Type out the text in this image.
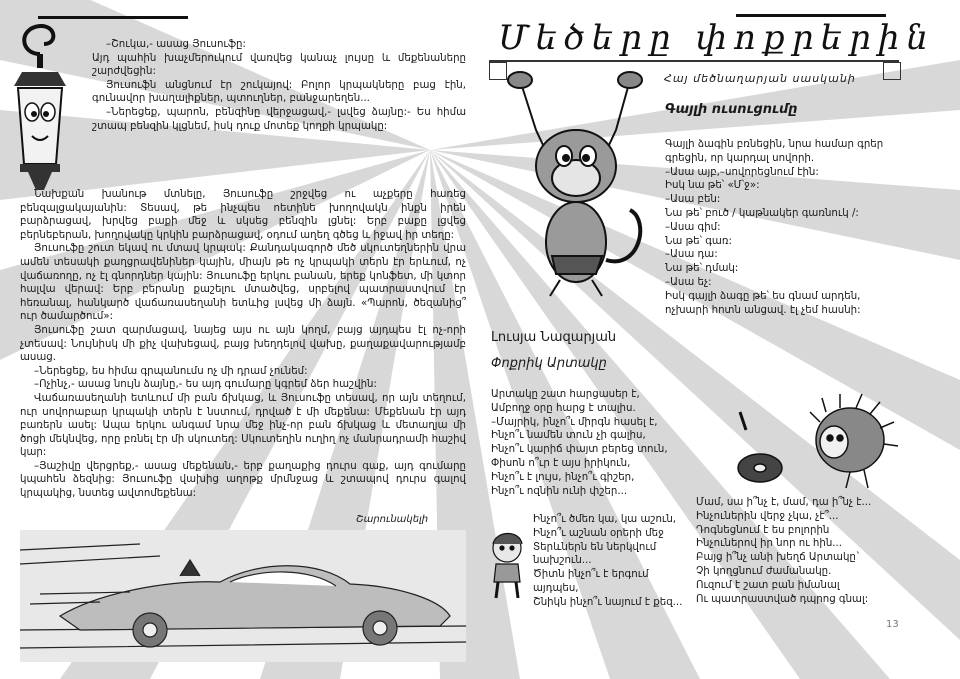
–Շուկա,- ասաց Յուսուֆը:

Այդ պահին խաչմերուկում վառվեց կանաչ լույսը և մեքենաները շարժվեցին:

Յուսուֆն անցնում էր շուկայով: Բոլոր կրպակները բաց էին, գունավոր խաղալիքներ, պտուղներ, բանջարեղեն...

–Ներեցեք, պարոն, բենզինը վերջացավ,- լսվեց ձայնը:- Ես հիմա շտապ բենզին կլցնեմ, իսկ դուք մոտեք կողքի կրպակը:

Նախքան խանութ մտնելը, Յուսուֆը շրջվեց ու աչքերը հառեց բենզալցակայանին: Տեսավ, թե ինչպես ոետինե խողովակն ինքն իրեն բարձրացավ, խրվեց բաքի մեջ և սկսեց բենզին լցնել: Երբ բաքը լցվեց բերնեբերան, խողովակը կրկին բարձրացավ, օդում աղեղ գծեց և իջավ իր տեղը:

Յուսուֆը շուտ եկավ ու մտավ կրպակ: Քանդակագործ մեծ սկուտեղներին վրա ամեն տեսակի քաղցրավենիներ կային, միայն թե ոչ կրպակի տերն էր երևում, ոչ վաճառողը, ոչ էլ գնորդներ կային: Յուսուֆը երկու բանան, երեք կոնֆետ, մի կտոր հալվա վերավ: Երբ բերանը քաշելու մտածվեց, սրբելով պատրաստվում էր հեռանալ, հանկարծ վաճառասեղանի ետևից լսվեց մի ձայն. «Պարոն, ծեզանից՞ ուր ծամարծում»:

Յուսուֆը շատ զարմացավ, նայեց այս ու այն կողմ, բայց այդպես էլ ոչ-որի չտեսավ: Նույնիսկ մի քիչ վախեցավ, բայց խեղդելով վախը, քաղաքավարությամբ ասաց.

–Ներեցեք, ես հիմա գրպանումս ոչ մի դրամ չունեմ:

–Ոչինչ,- ասաց նույն ձայնը,- ես այդ գումարը կգրեմ ձեր հաշվին:

Վաճառասեղանի ետևում մի բան ճխկաց, և Յուսուֆը տեսավ, որ այն տեղում, ուր սովորաբար կրպակի տերն է նստում, դրված է մի մեքենա: Մեքենան էր այդ բառերն ասել: Ապա երկու անգամ նրա մեջ ինչ-որ բան ճխկաց և մետաղյա մի ծոցի մեկնվեց, որը բռնել էր մի սկուտեղ: Սկուտեղին ուղիղ ոչ մանրադրամի հաշիվ կար:

–Յաշիվը վերցրեք,- ասաց մեքենան,- երբ քաղաքից դուրս գաք, այդ գումարը կպահեն ձեզնից: Յուսուֆը վախից աղոթք մրմնջաց և շտապով դուրս գալով կրպակից, նստեց ավտոմեքենա:

Շարունակելի
Մեծերը փոքրերին
Հայ մեծնաղարյան սասկանի
Գայլի ուսուցումը
Գայլի ձագին բռնեցին, նրա համար գրեր
գրեցին, որ կարդալ սովորի.
–Ասա այբ,–սովորեցնում էին:
Իսկ նա թե՝ «Մ՝ջ»:
–Ասա բեն:
Նա թե՝ բուծ / կաթնակեր գառնուկ /:
–Ասա գիմ:
Նա թե՝ գառ:
–Ասա դա:
Նա թե՝ դմակ:
–Ասա եչ:
Իսկ գայլի ձագը թե՝ ես գնամ արդեն,
ոչխարի հոտն անցավ. էլ չեմ հասնի:
Լուսյա Նազարյան
Փոքրիկ Արտակը
Արտակը շատ հարցասեր է,
Ամբողջ օրը հարց է տալիս.
–Մայրիկ, ինչո՞ւ միրգն հասել է,
Ինչո՞ւ նամեն տուն չի գալիս,
Ինչո՞ւ կարիճ փայտ բերեց տուն,
Փիսոն ո՞ւր է այս իրիկուն,
Ինչո՞ւ է լույս, ինչո՞ւ գիշեր,
Ինչո՞ւ ոզնին ունի փշեր...
Ինչո՞ւ ծմեռ կա, կա աշուն,
Ինչո՞ւ աշնան օրերի մեջ
Տերևներն են ներկվում
նախշուն...
Ծիտն ինչո՞ւ է երգում
այդպես,
Շնիկն ինչո՞ւ նայում է քեզ...
Մամ, սա ի՞նչ է, մամ, դա ի՞նչ է...
Ինչուներին վերջ չկա, չէ՞...
Դոգնեցնում է ես բոլորին
Ինչուներով իր նոր ու հին...
Բայց ի՞նչ անի խեղճ Արտակը`
Չի կողցնում ժամանակը.
Ուզում է շատ բան իմանալ
Ու պատրաստված դպրոց գնալ:
13
